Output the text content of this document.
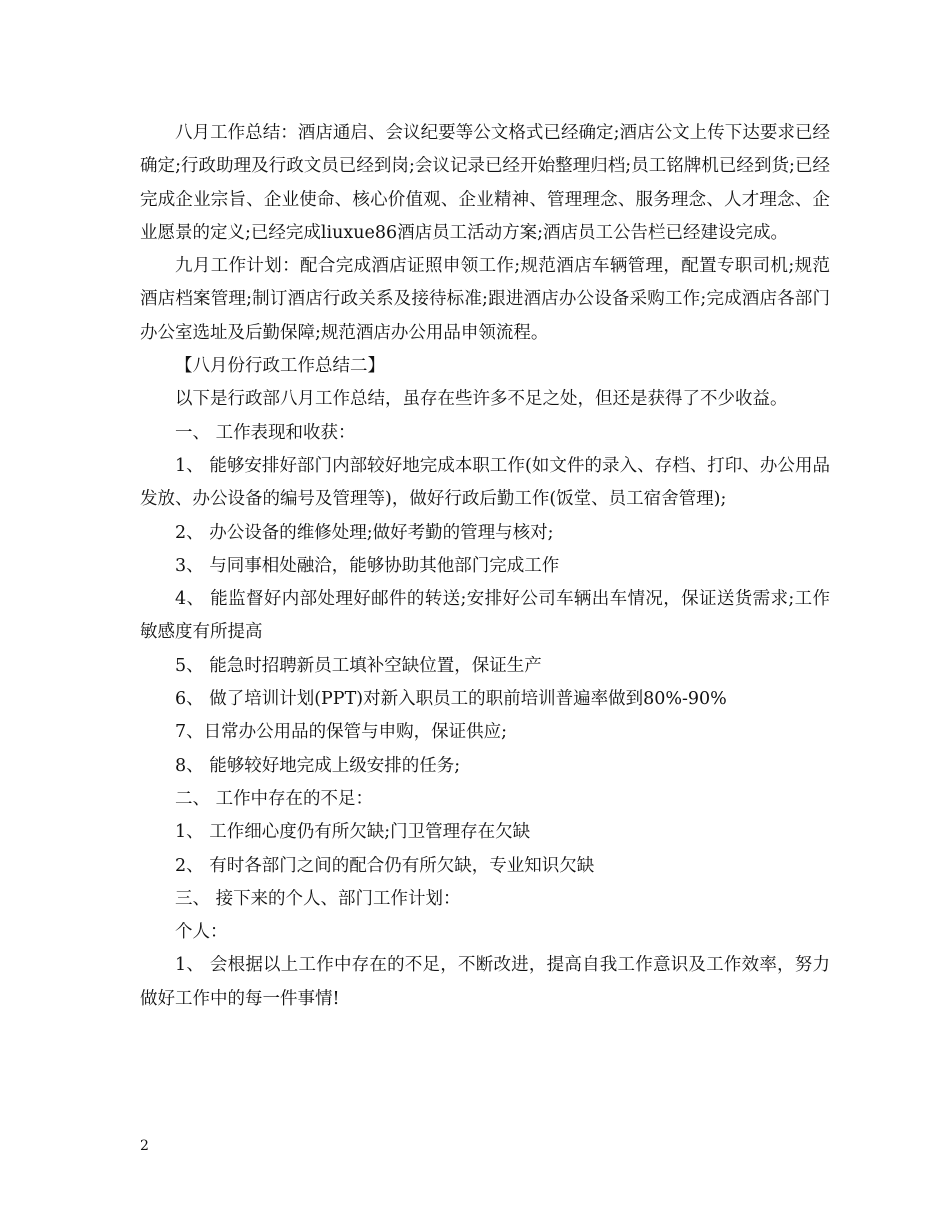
八月工作总结：酒店通启、会议纪要等公文格式已经确定;酒店公文上传下达要求已经确定;行政助理及行政文员已经到岗;会议记录已经开始整理归档;员工铭牌机已经到货;已经完成企业宗旨、企业使命、核心价值观、企业精神、管理理念、服务理念、人才理念、企业愿景的定义;已经完成liuxue86酒店员工活动方案;酒店员工公告栏已经建设完成。

九月工作计划：配合完成酒店证照申领工作;规范酒店车辆管理，配置专职司机;规范酒店档案管理;制订酒店行政关系及接待标准;跟进酒店办公设备采购工作;完成酒店各部门办公室选址及后勤保障;规范酒店办公用品申领流程。

【八月份行政工作总结二】

以下是行政部八月工作总结，虽存在些许多不足之处，但还是获得了不少收益。

一、 工作表现和收获：

1、 能够安排好部门内部较好地完成本职工作(如文件的录入、存档、打印、办公用品发放、办公设备的编号及管理等)，做好行政后勤工作(饭堂、员工宿舍管理);

2、 办公设备的维修处理;做好考勤的管理与核对;

3、 与同事相处融洽，能够协助其他部门完成工作

4、 能监督好内部处理好邮件的转送;安排好公司车辆出车情况，保证送货需求;工作敏感度有所提高

5、 能急时招聘新员工填补空缺位置，保证生产

6、 做了培训计划(PPT)对新入职员工的职前培训普遍率做到80%-90%

7、日常办公用品的保管与申购，保证供应;

8、 能够较好地完成上级安排的任务;

二、 工作中存在的不足：

1、 工作细心度仍有所欠缺;门卫管理存在欠缺

2、 有时各部门之间的配合仍有所欠缺，专业知识欠缺

三、 接下来的个人、部门工作计划：

个人：

1、 会根据以上工作中存在的不足，不断改进，提高自我工作意识及工作效率，努力做好工作中的每一件事情!

2
